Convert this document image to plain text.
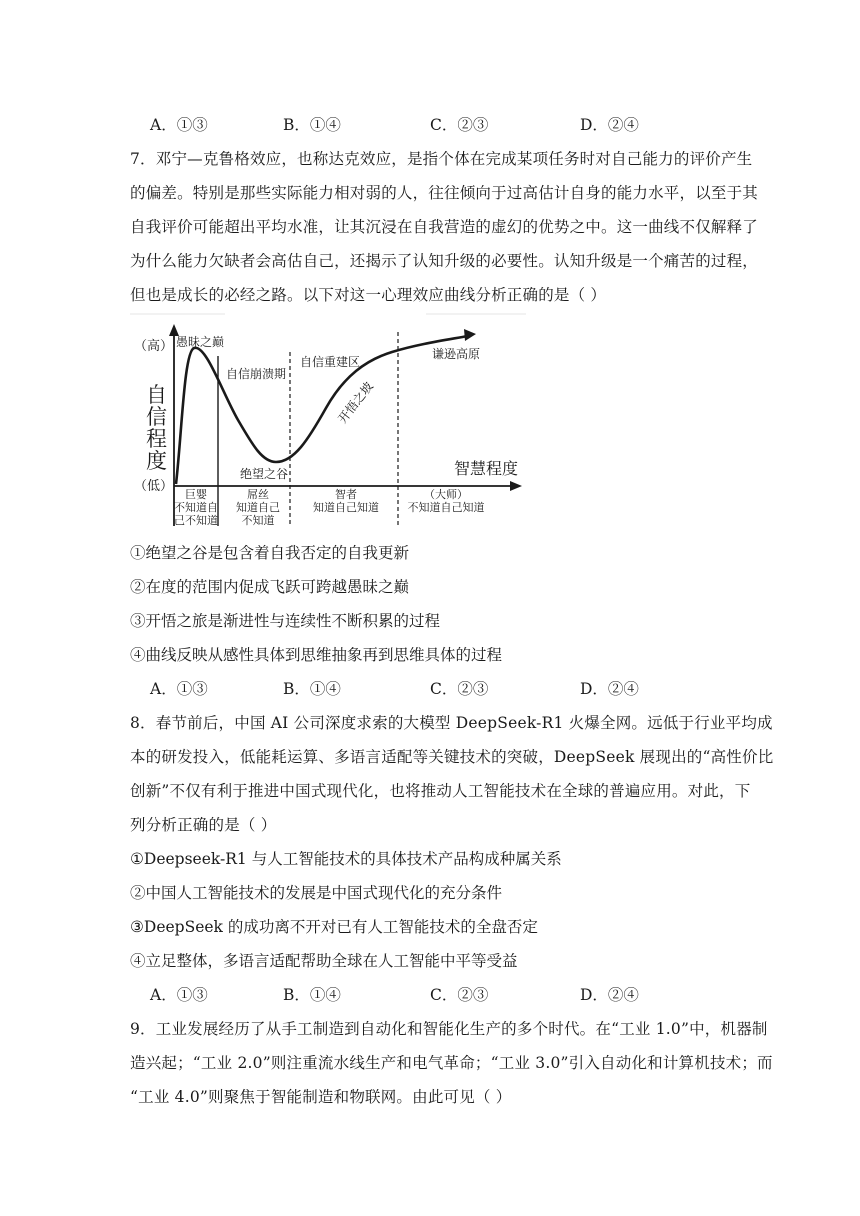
A．①③	B．①④	C．②③	D．②④
7．邓宁—克鲁格效应，也称达克效应，是指个体在完成某项任务时对自己能力的评价产生
的偏差。特别是那些实际能力相对弱的人，往往倾向于过高估计自身的能力水平，以至于其
自我评价可能超出平均水准，让其沉浸在自我营造的虚幻的优势之中。这一曲线不仅解释了
为什么能力欠缺者会高估自己，还揭示了认知升级的必要性。认知升级是一个痛苦的过程，
但也是成长的必经之路。以下对这一心理效应曲线分析正确的是（ ）
（高）
（低）
自
信
程
度	智慧程度
愚昧之巅
自信崩溃期
绝望之谷
自信重建区
开悟之坡
谦逊高原
巨婴
不知道自
己不知道
屌丝
知道自己
不知道
智者
知道自己知道
（大师）
不知道自己知道
①绝望之谷是包含着自我否定的自我更新
②在度的范围内促成飞跃可跨越愚昧之巅
③开悟之旅是渐进性与连续性不断积累的过程
④曲线反映从感性具体到思维抽象再到思维具体的过程
A．①③	B．①④	C．②③	D．②④
8．春节前后，中国 AI 公司深度求索的大模型 DeepSeek-R1 火爆全网。远低于行业平均成
本的研发投入，低能耗运算、多语言适配等关键技术的突破，DeepSeek 展现出的“高性价比
创新”不仅有利于推进中国式现代化，也将推动人工智能技术在全球的普遍应用。对此，下
列分析正确的是（ ）
①Deepseek-R1 与人工智能技术的具体技术产品构成种属关系
②中国人工智能技术的发展是中国式现代化的充分条件
③DeepSeek 的成功离不开对已有人工智能技术的全盘否定
④立足整体，多语言适配帮助全球在人工智能中平等受益
A．①③	B．①④	C．②③	D．②④
9．工业发展经历了从手工制造到自动化和智能化生产的多个时代。在“工业 1.0”中，机器制
造兴起；“工业 2.0”则注重流水线生产和电气革命；“工业 3.0”引入自动化和计算机技术；而
“工业 4.0”则聚焦于智能制造和物联网。由此可见（ ）
